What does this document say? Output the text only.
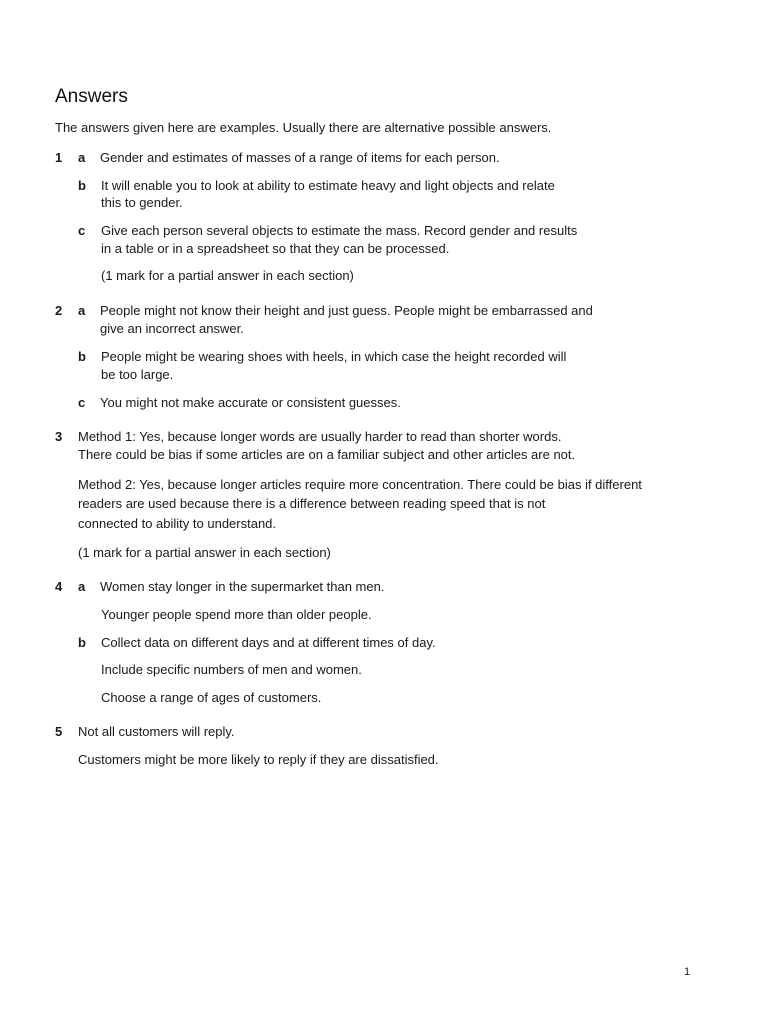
Answers
The answers given here are examples. Usually there are alternative possible answers.
1 a Gender and estimates of masses of a range of items for each person.
b It will enable you to look at ability to estimate heavy and light objects and relate
this to gender.
c Give each person several objects to estimate the mass. Record gender and results
in a table or in a spreadsheet so that they can be processed.
(1 mark for a partial answer in each section)
2 a People might not know their height and just guess. People might be embarrassed and
give an incorrect answer.
b People might be wearing shoes with heels, in which case the height recorded will
be too large.
c You might not make accurate or consistent guesses.
3 Method 1: Yes, because longer words are usually harder to read than shorter words.
There could be bias if some articles are on a familiar subject and other articles are not.
Method 2: Yes, because longer articles require more concentration. There could be bias if different
readers are used because there is a difference between reading speed that is not
connected to ability to understand.
(1 mark for a partial answer in each section)
4 a Women stay longer in the supermarket than men.
Younger people spend more than older people.
b Collect data on different days and at different times of day.
Include specific numbers of men and women.
Choose a range of ages of customers.
5 Not all customers will reply.
Customers might be more likely to reply if they are dissatisfied.
1
